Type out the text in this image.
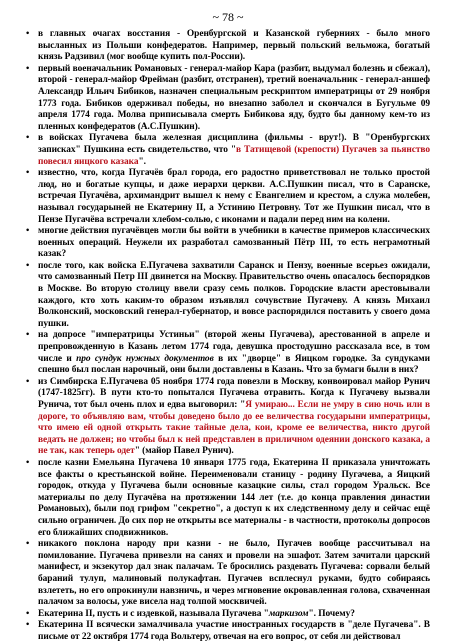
~ 78 ~
• в главных очагах восстания - Оренбургской и Казанской губерниях - было много высланных из Польши конфедератов. Например, первый польский вельможа, богатый князь Радзивил (мог вообще купить пол-России).
• первый военачальник Романовых - генерал-майор Кара (разбит, выдумал болезнь и сбежал), второй - генерал-майор Фрейман (разбит, отстранен), третий военачальник - генерал-аншеф Александр Ильич Бибиков, назначен специальным рескриптом императрицы от 29 ноября 1773 года. Бибиков одерживал победы, но внезапно заболел и скончался в Бугульме 09 апреля 1774 года. Молва приписывала смерть Бибикова яду, будто бы данному кем-то из пленных конфедератов (А.С.Пушкин).
• в войсках Пугачева была железная дисциплина (фильмы - врут!). В "Оренбургских записках" Пушкина есть свидетельство, что "в Татищевой (крепости) Пугачев за пьянство повесил яицкого казака".
• известно, что, когда Пугачёв брал города, его радостно приветствовал не только простой люд, но и богатые купцы, и даже иерархи церкви. А.С.Пушкин писал, что в Саранске, встречая Пугачёва, архимандрит вышел к нему с Евангелием и крестом, а служа молебен, называл государыней не Екатерину II, а Устинию Петровну. Тот же Пушкин писал, что в Пензе Пугачёва встречали хлебом-солью, с иконами и падали перед ним на колени.
• многие действия пугачёвцев могли бы войти в учебники в качестве примеров классических военных операций. Неужели их разработал самозванный Пётр III, то есть неграмотный казак?
• после того, как войска Е.Пугачева захватили Саранск и Пензу, военные всерьез ожидали, что самозванный Петр III двинется на Москву. Правительство очень опасалось беспорядков в Москве. Во вторую столицу ввели сразу семь полков. Городские власти арестовывали каждого, кто хоть каким-то образом изъявлял сочувствие Пугачеву. А князь Михаил Волконский, московский генерал-губернатор, и вовсе распорядился поставить у своего дома пушки.
• на допросе "императрицы Устиньи" (второй жены Пугачева), арестованной в апреле и препровожденную в Казань летом 1774 года, девушка простодушно рассказала все, в том числе и про сундук нужных документов в их "дворце" в Яицком городке. За сундуками спешно был послан нарочный, они были доставлены в Казань. Что за бумаги были в них?
• из Симбирска Е.Пугачева 05 ноября 1774 года повезли в Москву, конвоировал майор Рунич (1747-1825гг). В пути кто-то попытался Пугачева отравить. Когда к Пугачеву вызвали Рунича, тот был очень плох и едва выговорил: "Я умираю... Если не умру в сию ночь или в дороге, то объявляю вам, чтобы доведено было до ее величества государыни императрицы, что имею ей одной открыть такие тайные дела, кои, кроме ее величества, никто другой ведать не должен; но чтобы был к ней представлен в приличном одеянии донского казака, а не так, как теперь одет" (майор Павел Рунич).
• после казни Емельяна Пугачева 10 января 1775 года, Екатерина II приказала уничтожать все факты о крестьянской войне. Переименовали станицу - родину Пугачева, а Яицкий городок, откуда у Пугачева были основные казацкие силы, стал городом Уральск. Все материалы по делу Пугачёва на протяжении 144 лет (т.е. до конца правления династии Романовых), были под грифом "секретно", а доступ к их следственному делу и сейчас ещё сильно ограничен. До сих пор не открыты все материалы - в частности, протоколы допросов его ближайших сподвижников.
• никакого поклона народу при казни - не было, Пугачев вообще рассчитывал на помилование. Пугачева привезли на санях и провели на эшафот. Затем зачитали царский манифест, и экзекутор дал знак палачам. Те бросились раздевать Пугачева: сорвали белый бараний тулуп, малиновый полукафтан. Пугачев всплеснул руками, будто собираясь взлететь, но его опрокинули навзничь, и через мгновение окровавленная голова, схваченная палачом за волосы, уже висела над толпой москвичей.
• Екатерина II, пусть и с издевкой, называла Пугачева "маркизом". Почему?
• Екатерина II всячески замалчивала участие иностранных государств в "деле Пугачева". В письме от 22 октября 1774 года Вольтеру, отвечая на его вопрос, от себя ли действовал
